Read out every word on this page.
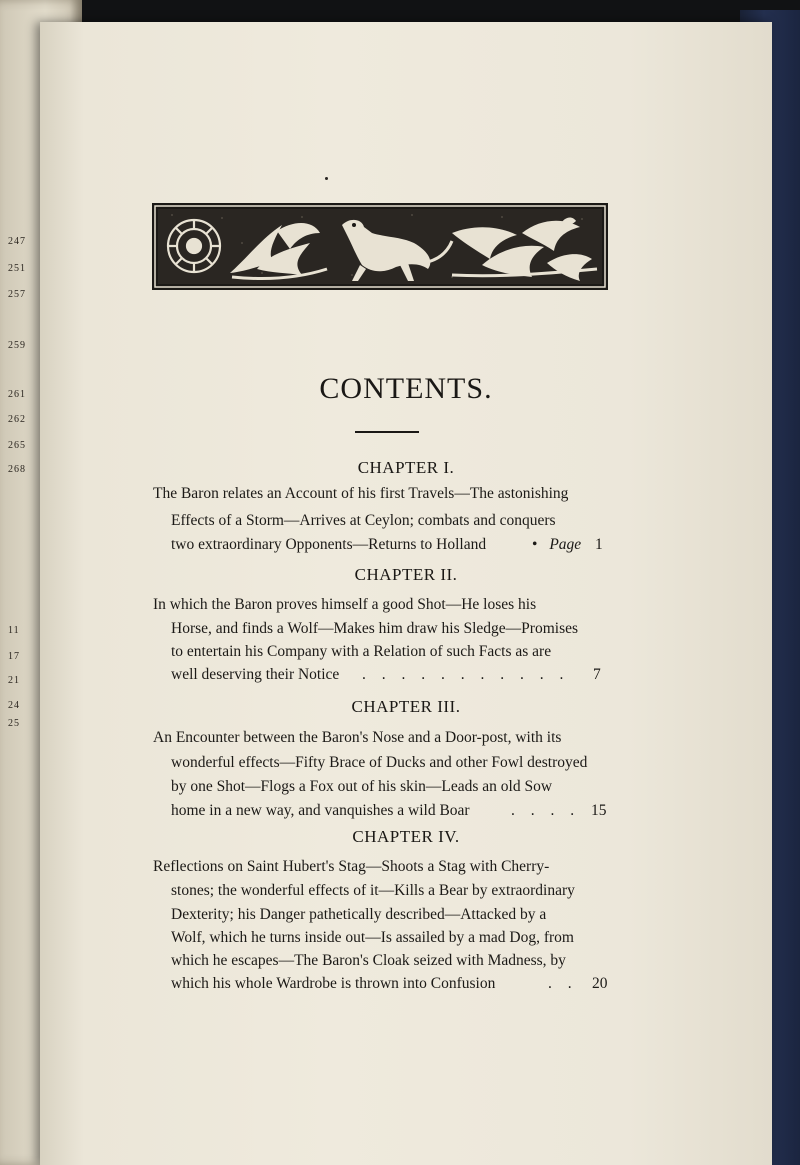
247
251
257
259
261
262
265
268
11
17
21
24
25
CONTENTS.
CHAPTER I.
The Baron relates an Account of his first Travels—The astonishing
Effects of a Storm—Arrives at Ceylon; combats and conquers
two extraordinary Opponents—Returns to Holland	• Page 1
CHAPTER II.
In which the Baron proves himself a good Shot—He loses his
Horse, and finds a Wolf—Makes him draw his Sledge—Promises
to entertain his Company with a Relation of such Facts as are
well deserving their Notice . . . . . . . . . . . 7
CHAPTER III.
An Encounter between the Baron's Nose and a Door-post, with its
wonderful effects—Fifty Brace of Ducks and other Fowl destroyed
by one Shot—Flogs a Fox out of his skin—Leads an old Sow
home in a new way, and vanquishes a wild Boar	. . . . 15
CHAPTER IV.
Reflections on Saint Hubert's Stag—Shoots a Stag with Cherry-
stones; the wonderful effects of it—Kills a Bear by extraordinary
Dexterity; his Danger pathetically described—Attacked by a
Wolf, which he turns inside out—Is assailed by a mad Dog, from
which he escapes—The Baron's Cloak seized with Madness, by
which his whole Wardrobe is thrown into Confusion	. . 20
